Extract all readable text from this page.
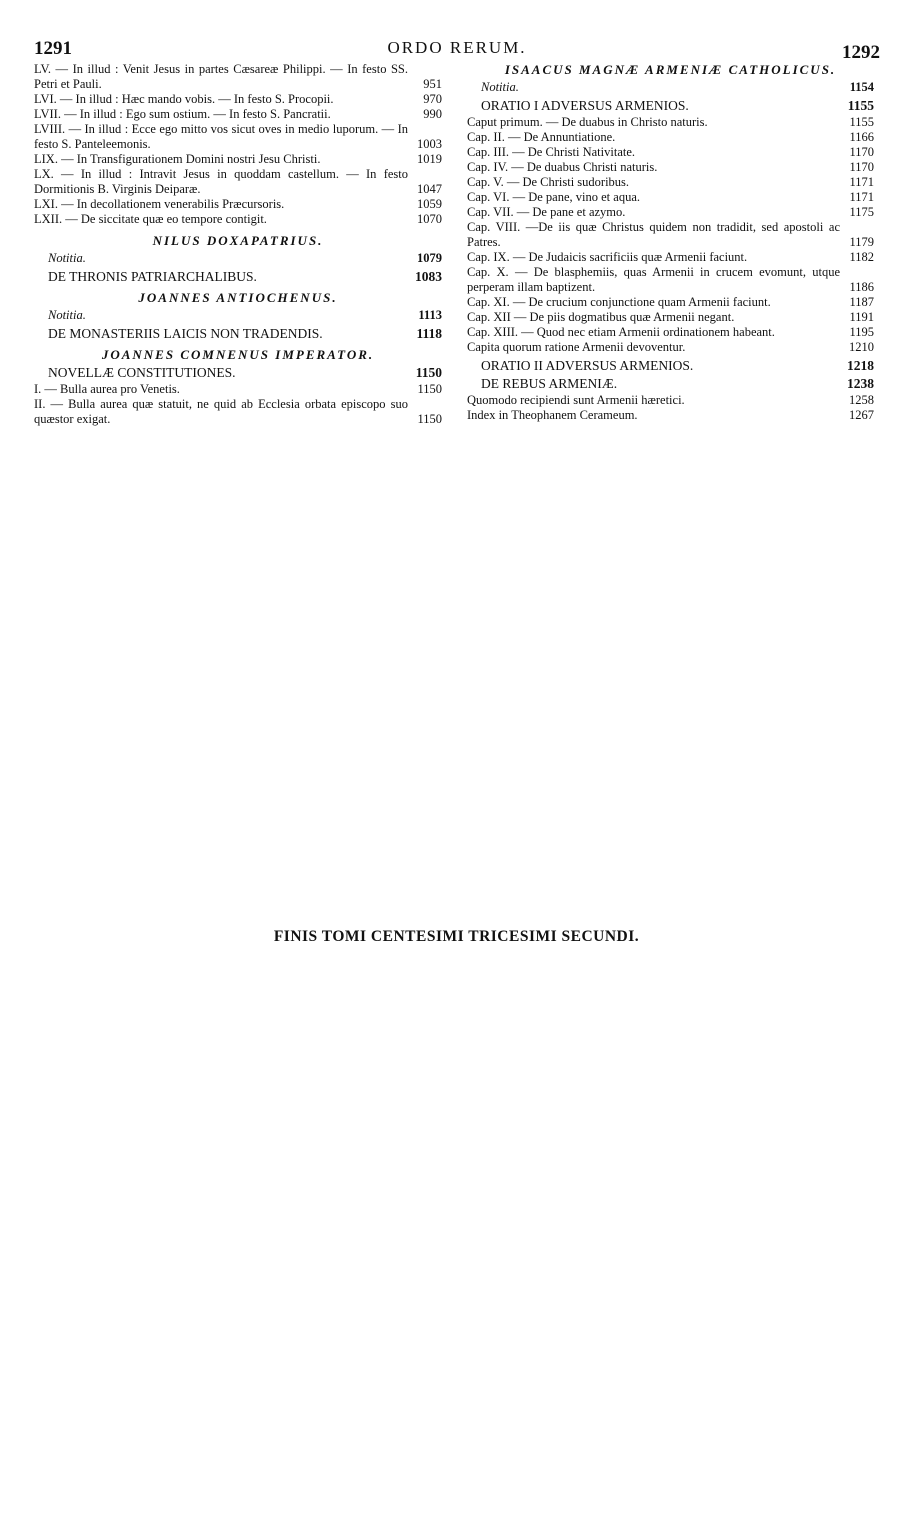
1291	ORDO RERUM.	1292
LV. — In illud : Venit Jesus in partes Cæsareæ Philippi. — In festo SS. Petri et Pauli.	951
LVI. — In illud : Hæc mando vobis. — In festo S. Procopii.	970
LVII. — In illud : Ego sum ostium. — In festo S. Pancratii.	990
LVIII. — In illud : Ecce ego mitto vos sicut oves in medio luporum. — In festo S. Panteleemonis.	1003
LIX. — In Transfigurationem Domini nostri Jesu Christi.	1019
LX. — In illud : Intravit Jesus in quoddam castellum. — In festo Dormitionis B. Virginis Deiparæ.	1047
LXI. — In decollationem venerabilis Præcursoris.	1059
LXII. — De siccitate quæ eo tempore contigit.	1070
NILUS DOXAPATRIUS.
Notitia.	1079
DE THRONIS PATRIARCHALIBUS.	1083
JOANNES ANTIOCHENUS.
Notitia.	1113
DE MONASTERIIS LAICIS NON TRADENDIS.	1118
JOANNES COMNENUS IMPERATOR.
NOVELLÆ CONSTITUTIONES.	1150
I. — Bulla aurea pro Venetis.	1150
II. — Bulla aurea quæ statuit, ne quid ab Ecclesia orbata episcopo suo quæstor exigat.	1150
ISAACUS MAGNÆ ARMENIÆ CATHOLICUS.
Notitia.	1154
ORATIO I ADVERSUS ARMENIOS.	1155
Caput primum. — De duabus in Christo naturis.	1155
Cap. II. — De Annuntiatione.	1166
Cap. III. — De Christi Nativitate.	1170
Cap. IV. — De duabus Christi naturis.	1170
Cap. V. — De Christi sudoribus.	1171
Cap. VI. — De pane, vino et aqua.	1171
Cap. VII. — De pane et azymo.	1175
Cap. VIII. —De iis quæ Christus quidem non tradidit, sed apostoli ac Patres.	1179
Cap. IX. — De Judaicis sacrificiis quæ Armenii faciunt.	1182
Cap. X. — De blasphemiis, quas Armenii in crucem evomunt, utque perperam illam baptizent.	1186
Cap. XI. — De crucium conjunctione quam Armenii faciunt.	1187
Cap. XII — De piis dogmatibus quæ Armenii negant.	1191
Cap. XIII. — Quod nec etiam Armenii ordinationem habeant.	1195
Capita quorum ratione Armenii devoventur.	1210
ORATIO II ADVERSUS ARMENIOS.	1218
DE REBUS ARMENIÆ.	1238
Quomodo recipiendi sunt Armenii hæretici.	1258
Index in Theophanem Cerameum.	1267
FINIS TOMI CENTESIMI TRICESIMI SECUNDI.
